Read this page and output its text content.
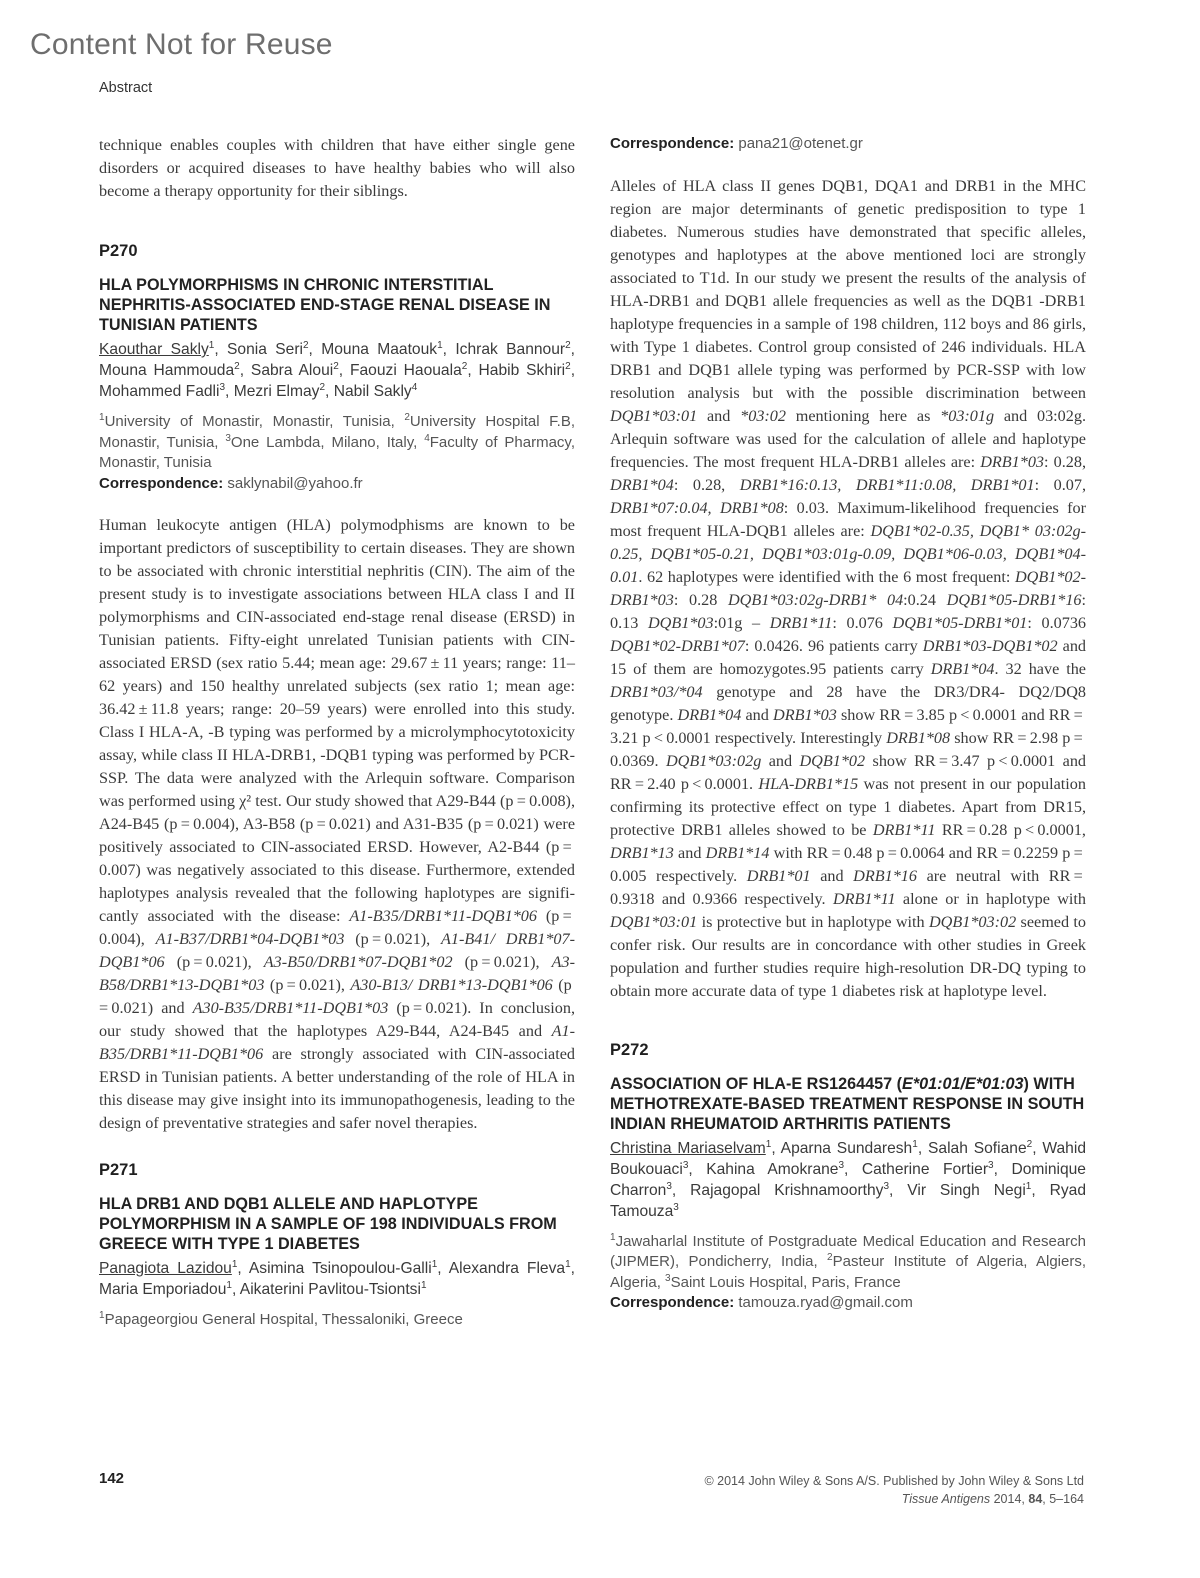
Content Not for Reuse
Abstract

technique enables couples with children that have either single gene disorders or acquired diseases to have healthy babies who will also become a therapy opportunity for their siblings.

P270

HLA POLYMORPHISMS IN CHRONIC INTERSTITIAL NEPHRITIS-ASSOCIATED END-STAGE RENAL DISEASE IN TUNISIAN PATIENTS

Kaouthar Sakly$^1$, Sonia Seri$^2$, Mouna Maatouk$^1$, Ichrak Bannour$^2$, Mouna Hammouda$^2$, Sabra Aloui$^2$, Faouzi Haouala$^2$, Habib Skhiri$^2$, Mohammed Fadli$^3$, Mezri Elmay$^2$, Nabil Sakly$^4$

$^1$University of Monastir, Monastir, Tunisia, $^2$University Hospital F.B, Monastir, Tunisia, $^3$One Lambda, Milano, Italy, $^4$Faculty of Pharmacy, Monastir, Tunisia

Correspondence: saklynabil@yahoo.fr

Human leukocyte antigen (HLA) polymodphisms are known to be important predictors of susceptibility to certain diseases. They are shown to be associated with chronic interstitial nephritis (CIN). The aim of the present study is to investigate associations between HLA class I and II polymorphisms and CIN-associated end-stage renal disease (ERSD) in Tunisian patients. Fifty-eight unrelated Tunisian patients with CIN-associated ERSD (sex ratio 5.44; mean age: 29.67 ± 11 years; range: 11–62 years) and 150 healthy unrelated subjects (sex ratio 1; mean age: 36.42 ± 11.8 years; range: 20–59 years) were enrolled into this study. Class I HLA-A, -B typing was performed by a microlymphocytotoxicity assay, while class II HLA-DRB1, -DQB1 typing was performed by PCR-SSP. The data were analyzed with the Arlequin software. Comparison was performed using χ² test. Our study showed that A29-B44 (p = 0.008), A24-B45 (p = 0.004), A3-B58 (p = 0.021) and A31-B35 (p = 0.021) were positively associated to CIN-associated ERSD. However, A2-B44 (p = 0.007) was negatively associated to this disease. Furthermore, extended haplotypes analysis revealed that the following haplotypes are significantly associated with the disease: A1-B35/DRB1*11-DQB1*06 (p = 0.004), A1-B37/DRB1*04-DQB1*03 (p = 0.021), A1-B41/ DRB1*07-DQB1*06 (p = 0.021), A3-B50/DRB1*07-DQB1*02 (p = 0.021), A3-B58/DRB1*13-DQB1*03 (p = 0.021), A30-B13/ DRB1*13-DQB1*06 (p = 0.021) and A30-B35/DRB1*11-DQB1*03 (p = 0.021). In conclusion, our study showed that the haplotypes A29-B44, A24-B45 and A1-B35/DRB1*11-DQB1*06 are strongly associated with CIN-associated ERSD in Tunisian patients. A better understanding of the role of HLA in this disease may give insight into its immunopathogenesis, leading to the design of preventative strategies and safer novel therapies.

P271

HLA DRB1 AND DQB1 ALLELE AND HAPLOTYPE POLYMORPHISM IN A SAMPLE OF 198 INDIVIDUALS FROM GREECE WITH TYPE 1 DIABETES

Panagiota Lazidou$^1$, Asimina Tsinopoulou-Galli$^1$, Alexandra Fleva$^1$, Maria Emporiadou$^1$, Aikaterini Pavlitou-Tsiontsi$^1$

$^1$Papageorgiou General Hospital, Thessaloniki, Greece

Correspondence: pana21@otenet.gr

Alleles of HLA class II genes DQB1, DQA1 and DRB1 in the MHC region are major determinants of genetic predisposition to type 1 diabetes. Numerous studies have demonstrated that specific alleles, genotypes and haplotypes at the above mentioned loci are strongly associated to T1d. In our study we present the results of the analysis of HLA-DRB1 and DQB1 allele frequencies as well as the DQB1 -DRB1 haplotype frequencies in a sample of 198 children, 112 boys and 86 girls, with Type 1 diabetes. Control group consisted of 246 individuals. HLA DRB1 and DQB1 allele typing was performed by PCR-SSP with low resolution analysis but with the possible discrimination between DQB1*03:01 and *03:02 mentioning here as *03:01g and 03:02g. Arlequin software was used for the calculation of allele and haplotype frequencies. The most frequent HLA-DRB1 alleles are: DRB1*03: 0.28, DRB1*04: 0.28, DRB1*16:0.13, DRB1*11:0.08, DRB1*01: 0.07, DRB1*07:0.04, DRB1*08: 0.03. Maximum-likelihood frequencies for most frequent HLA-DQB1 alleles are: DQB1*02-0.35, DQB1* 03:02g-0.25, DQB1*05-0.21, DQB1*03:01g-0.09, DQB1*06-0.03, DQB1*04-0.01. 62 haplotypes were identified with the 6 most frequent: DQB1*02-DRB1*03: 0.28 DQB1*03:02g-DRB1* 04:0.24 DQB1*05-DRB1*16: 0.13 DQB1*03:01g – DRB1*11: 0.076 DQB1*05-DRB1*01: 0.0736 DQB1*02-DRB1*07: 0.0426. 96 patients carry DRB1*03-DQB1*02 and 15 of them are homozygotes.95 patients carry DRB1*04. 32 have the DRB1*03/*04 genotype and 28 have the DR3/DR4- DQ2/DQ8 genotype. DRB1*04 and DRB1*03 show RR = 3.85 p < 0.0001 and RR = 3.21 p < 0.0001 respectively. Interestingly DRB1*08 show RR = 2.98 p = 0.0369. DQB1*03:02g and DQB1*02 show RR = 3.47 p < 0.0001 and RR = 2.40 p < 0.0001. HLA-DRB1*15 was not present in our population confirming its protective effect on type 1 diabetes. Apart from DR15, protective DRB1 alleles showed to be DRB1*11 RR = 0.28 p < 0.0001, DRB1*13 and DRB1*14 with RR = 0.48 p = 0.0064 and RR = 0.2259 p = 0.005 respectively. DRB1*01 and DRB1*16 are neutral with RR = 0.9318 and 0.9366 respectively. DRB1*11 alone or in haplotype with DQB1*03:01 is protective but in haplotype with DQB1*03:02 seemed to confer risk. Our results are in concordance with other studies in Greek population and further studies require high-resolution DR-DQ typing to obtain more accurate data of type 1 diabetes risk at haplotype level.

P272

ASSOCIATION OF HLA-E RS1264457 (E*01:01/E*01:03) WITH METHOTREXATE-BASED TREATMENT RESPONSE IN SOUTH INDIAN RHEUMATOID ARTHRITIS PATIENTS

Christina Mariaselvam$^1$, Aparna Sundaresh$^1$, Salah Sofiane$^2$, Wahid Boukouaci$^3$, Kahina Amokrane$^3$, Catherine Fortier$^3$, Dominique Charron$^3$, Rajagopal Krishnamoorthy$^3$, Vir Singh Negi$^1$, Ryad Tamouza$^3$

$^1$Jawaharlal Institute of Postgraduate Medical Education and Research (JIPMER), Pondicherry, India, $^2$Pasteur Institute of Algeria, Algiers, Algeria, $^3$Saint Louis Hospital, Paris, France

Correspondence: tamouza.ryad@gmail.com

142	© 2014 John Wiley & Sons A/S. Published by John Wiley & Sons Ltd
Tissue Antigens 2014, 84, 5–164
